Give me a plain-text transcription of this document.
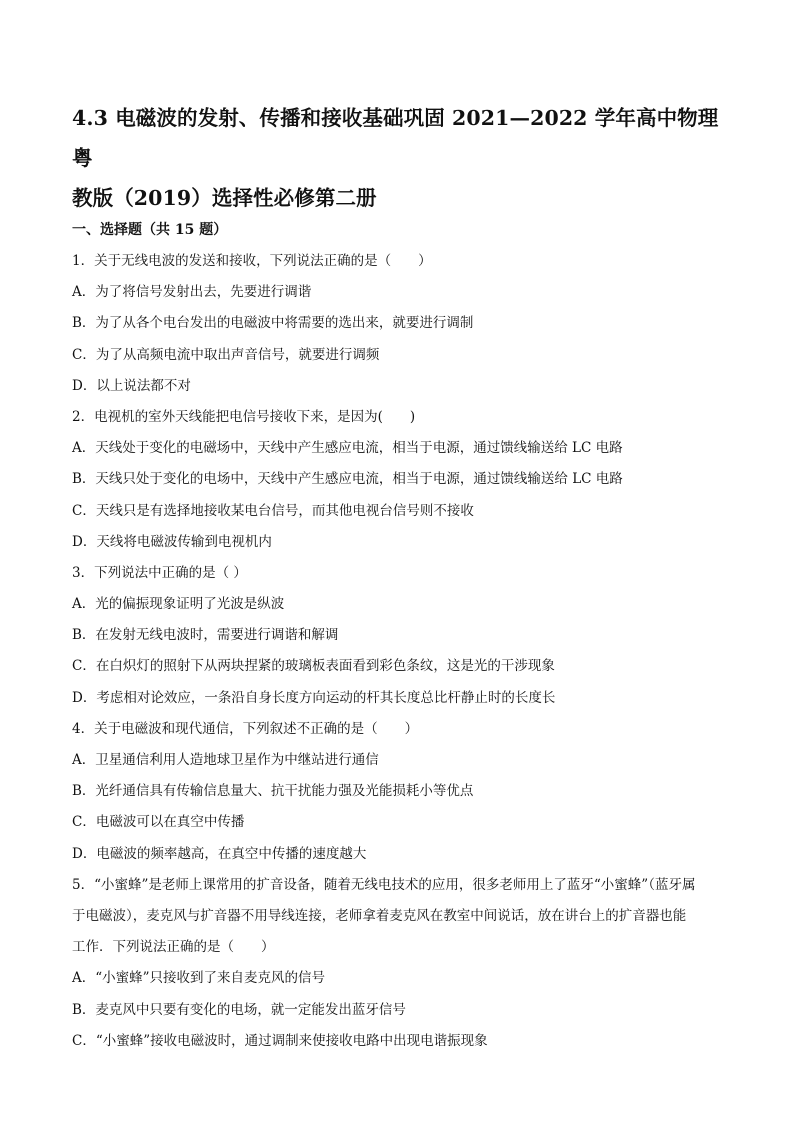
4.3 电磁波的发射、传播和接收基础巩固 2021—2022 学年高中物理粤
教版（2019）选择性必修第二册
一、选择题（共 15 题）
1．关于无线电波的发送和接收，下列说法正确的是（　　）
A．为了将信号发射出去，先要进行调谐
B．为了从各个电台发出的电磁波中将需要的选出来，就要进行调制
C．为了从高频电流中取出声音信号，就要进行调频
D．以上说法都不对
2．电视机的室外天线能把电信号接收下来，是因为(　　)
A．天线处于变化的电磁场中，天线中产生感应电流，相当于电源，通过馈线输送给 LC 电路
B．天线只处于变化的电场中，天线中产生感应电流，相当于电源，通过馈线输送给 LC 电路
C．天线只是有选择地接收某电台信号，而其他电视台信号则不接收
D．天线将电磁波传输到电视机内
3．下列说法中正确的是（ ）
A．光的偏振现象证明了光波是纵波
B．在发射无线电波时，需要进行调谐和解调
C．在白炽灯的照射下从两块捏紧的玻璃板表面看到彩色条纹，这是光的干涉现象
D．考虑相对论效应，一条沿自身长度方向运动的杆其长度总比杆静止时的长度长
4．关于电磁波和现代通信，下列叙述不正确的是（　　）
A．卫星通信利用人造地球卫星作为中继站进行通信
B．光纤通信具有传输信息量大、抗干扰能力强及光能损耗小等优点
C．电磁波可以在真空中传播
D．电磁波的频率越高，在真空中传播的速度越大
5．“小蜜蜂”是老师上课常用的扩音设备，随着无线电技术的应用，很多老师用上了蓝牙“小蜜蜂”（蓝牙属
于电磁波），麦克风与扩音器不用导线连接，老师拿着麦克风在教室中间说话，放在讲台上的扩音器也能
工作．下列说法正确的是（　　）
A．“小蜜蜂”只接收到了来自麦克风的信号
B．麦克风中只要有变化的电场，就一定能发出蓝牙信号
C．“小蜜蜂”接收电磁波时，通过调制来使接收电路中出现电谐振现象
